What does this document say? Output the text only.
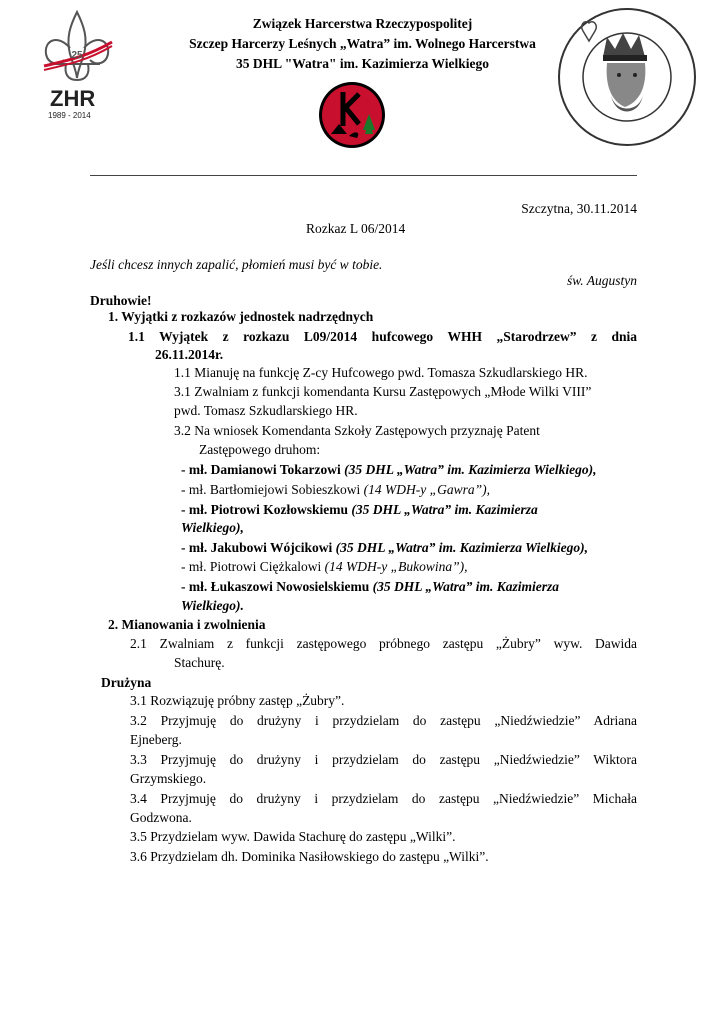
25
ZHR
1989 - 2014
Związek Harcerstwa Rzeczypospolitej
Szczep Harcerzy Leśnych „Watra” im. Wolnego Harcerstwa
35 DHL "Watra" im. Kazimierza Wielkiego
Szczytna, 30.11.2014
Rozkaz L 06/2014
Jeśli chcesz innych zapalić, płomień musi być w tobie.
św. Augustyn
Druhowie!
1. Wyjątki z rozkazów jednostek nadrzędnych
1.1 Wyjątek z rozkazu L09/2014 hufcowego WHH „Starodrzew” z dnia
26.11.2014r.
1.1 Mianuję na funkcję Z-cy Hufcowego pwd. Tomasza Szkudlarskiego HR.
3.1 Zwalniam z funkcji komendanta Kursu Zastępowych „Młode Wilki VIII”
pwd. Tomasz Szkudlarskiego HR.
3.2 Na wniosek Komendanta Szkoły Zastępowych przyznaję Patent
Zastępowego druhom:
- mł. Damianowi Tokarzowi (35 DHL „Watra” im. Kazimierza Wielkiego),
- mł. Bartłomiejowi Sobieszkowi (14 WDH-y „Gawra”),
- mł. Piotrowi Kozłowskiemu (35 DHL „Watra” im. Kazimierza
Wielkiego),
- mł. Jakubowi Wójcikowi (35 DHL „Watra” im. Kazimierza Wielkiego),
- mł. Piotrowi Ciężkalowi (14 WDH-y „Bukowina”),
- mł. Łukaszowi Nowosielskiemu (35 DHL „Watra” im. Kazimierza
Wielkiego).
2. Mianowania i zwolnienia
2.1 Zwalniam z funkcji zastępowego próbnego zastępu „Żubry” wyw. Dawida
Stachurę.
Drużyna
3.1 Rozwiązuję próbny zastęp „Żubry”.
3.2 Przyjmuję do drużyny i przydzielam do zastępu „Niedźwiedzie” Adriana
Ejneberg.
3.3 Przyjmuję do drużyny i przydzielam do zastępu „Niedźwiedzie” Wiktora
Grzymskiego.
3.4 Przyjmuję do drużyny i przydzielam do zastępu „Niedźwiedzie” Michała
Godzwona.
3.5 Przydzielam wyw. Dawida Stachurę do zastępu „Wilki”.
3.6 Przydzielam dh. Dominika Nasiłowskiego do zastępu „Wilki”.
